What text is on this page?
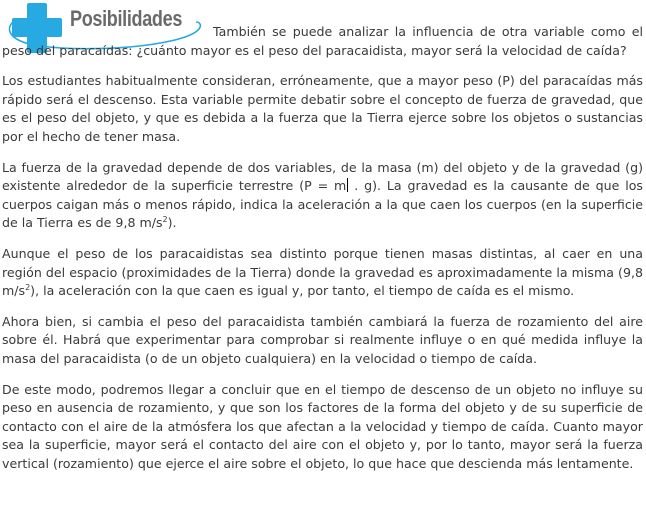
Posibilidades

También se puede analizar la influencia de otra variable como el peso del paracaídas: ¿cuánto mayor es el peso del paracaidista, mayor será la velocidad de caída?

Los estudiantes habitualmente consideran, erróneamente, que a mayor peso (P) del paracaídas más rápido será el descenso. Esta variable permite debatir sobre el concepto de fuerza de gravedad, que es el peso del objeto, y que es debida a la fuerza que la Tierra ejerce sobre los objetos o sustancias por el hecho de tener masa.

La fuerza de la gravedad depende de dos variables, de la masa (m) del objeto y de la gravedad (g) existente alrededor de la superficie terrestre (P = m . g). La gravedad es la causante de que los cuerpos caigan más o menos rápido, indica la aceleración a la que caen los cuerpos (en la superficie de la Tierra es de 9,8 $m/s^2$).

Aunque el peso de los paracaidistas sea distinto porque tienen masas distintas, al caer en una región del espacio (proximidades de la Tierra) donde la gravedad es aproximadamente la misma (9,8 $m/s^2$), la aceleración con la que caen es igual y, por tanto, el tiempo de caída es el mismo.

Ahora bien, si cambia el peso del paracaidista también cambiará la fuerza de rozamiento del aire sobre él. Habrá que experimentar para comprobar si realmente influye o en qué medida influye la masa del paracaidista (o de un objeto cualquiera) en la velocidad o tiempo de caída.

De este modo, podremos llegar a concluir que en el tiempo de descenso de un objeto no influye su peso en ausencia de rozamiento, y que son los factores de la forma del objeto y de su superficie de contacto con el aire de la atmósfera los que afectan a la velocidad y tiempo de caída. Cuanto mayor sea la superficie, mayor será el contacto del aire con el objeto y, por lo tanto, mayor será la fuerza vertical (rozamiento) que ejerce el aire sobre el objeto, lo que hace que descienda más lentamente.
